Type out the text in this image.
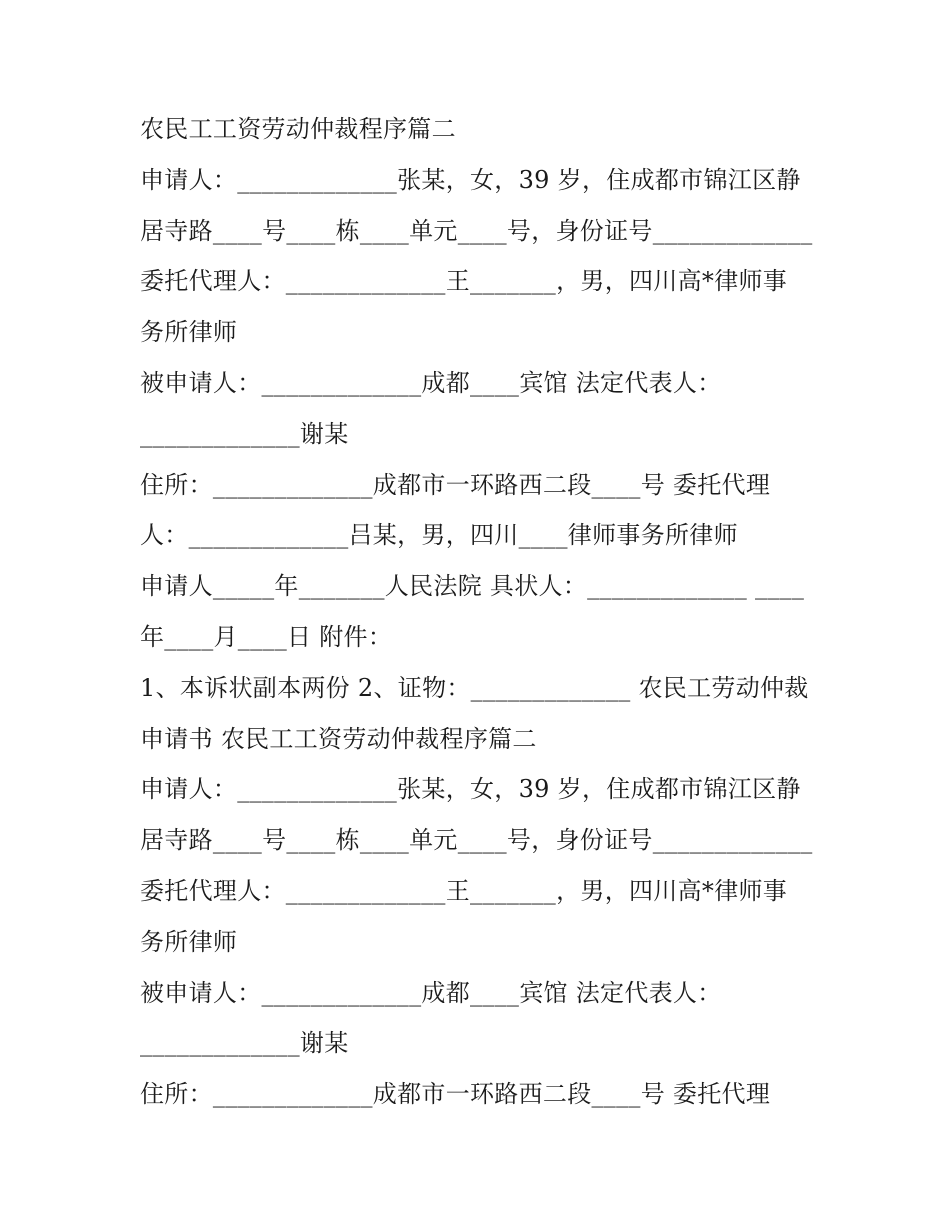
农民工工资劳动仲裁程序篇二

申请人：_____________张某，女，39 岁，住成都市锦江区静

居寺路____号____栋____单元____号，身份证号_____________

委托代理人：_____________王_______，男，四川高*律师事

务所律师

被申请人：_____________成都____宾馆 法定代表人：

_____________谢某

住所：_____________成都市一环路西二段____号 委托代理

人：_____________吕某，男，四川____律师事务所律师

申请人_____年_______人民法院 具状人：_____________ ____

年____月____日 附件：

1、本诉状副本两份 2、证物：_____________ 农民工劳动仲裁

申请书 农民工工资劳动仲裁程序篇二

申请人：_____________张某，女，39 岁，住成都市锦江区静

居寺路____号____栋____单元____号，身份证号_____________

委托代理人：_____________王_______，男，四川高*律师事

务所律师

被申请人：_____________成都____宾馆 法定代表人：

_____________谢某

住所：_____________成都市一环路西二段____号 委托代理
